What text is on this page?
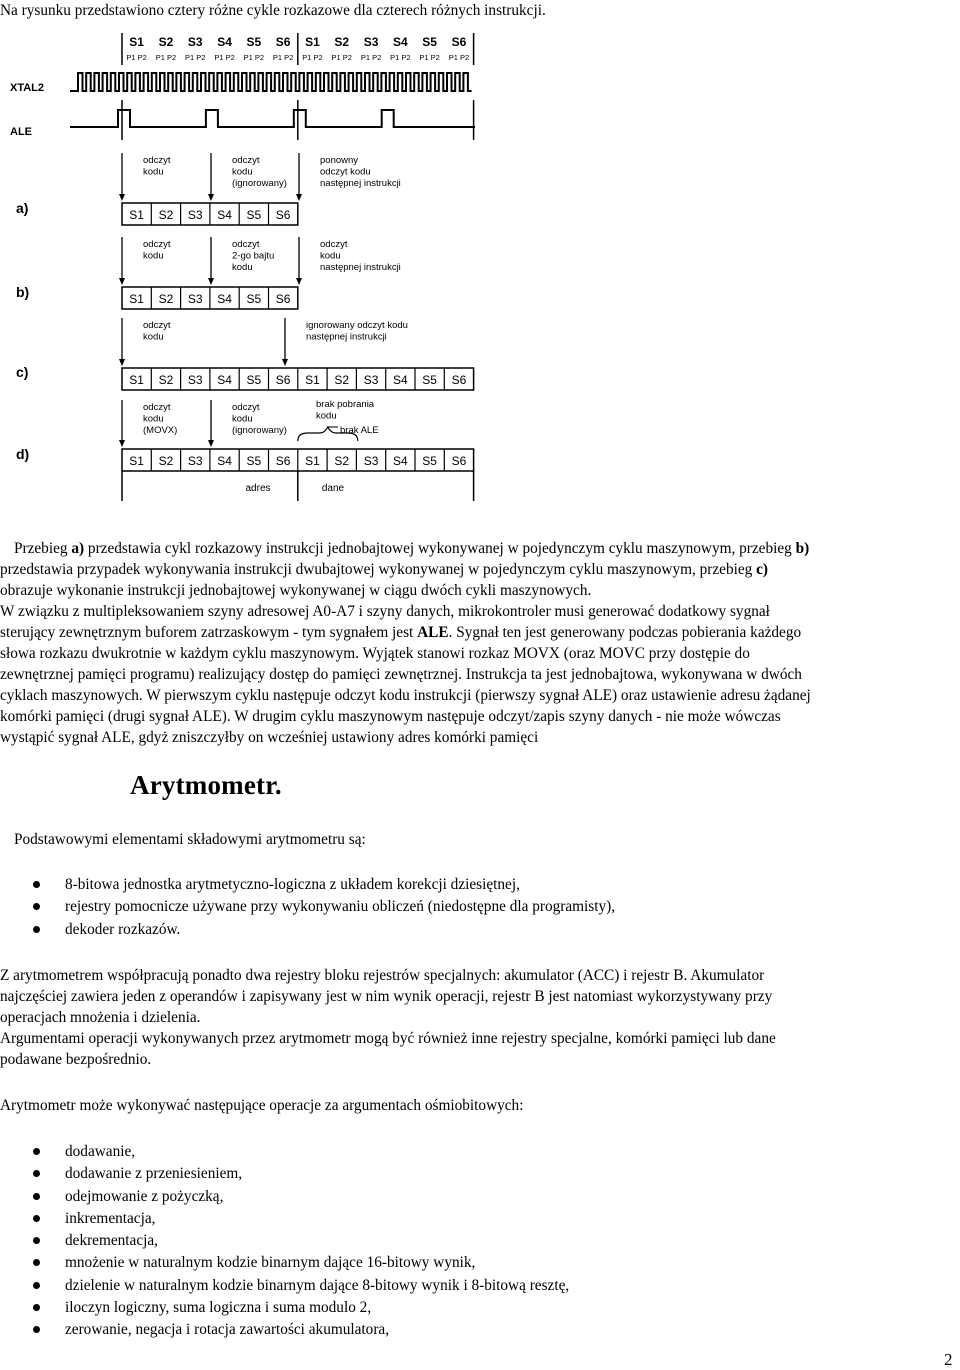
Na rysunku przedstawiono cztery różne cykle rozkazowe dla czterech różnych instrukcji.

S1
P1 P2
S2
P1 P2
S3
P1 P2
S4
P1 P2
S5
P1 P2
S6
P1 P2
S1
P1 P2
S2
P1 P2
S3
P1 P2
S4
P1 P2
S5
P1 P2
S6
P1 P2
XTAL2
ALE
a)	S1 S2 S3 S4 S5 S6
odczyt
kodu
odczyt
kodu
(ignorowany)
ponowny
odczyt kodu
następnej instrukcji
b)	S1 S2 S3 S4 S5 S6
odczyt
kodu
odczyt
2-go bajtu
kodu
odczyt
kodu
następnej instrukcji
c)	S1 S2 S3 S4 S5 S6 S1 S2 S3 S4 S5 S6
odczyt
kodu
ignorowany odczyt kodu
następnej instrukcji
d)	S1 S2 S3 S4 S5 S6 S1 S2 S3 S4 S5 S6
odczyt
kodu
(MOVX)
odczyt
kodu
(ignorowany)
brak pobrania
kodu
brak ALE
adres	dane

Przebieg a) przedstawia cykl rozkazowy instrukcji jednobajtowej wykonywanej w pojedynczym cyklu maszynowym, przebieg b)
przedstawia przypadek wykonywania instrukcji dwubajtowej wykonywanej w pojedynczym cyklu maszynowym, przebieg c)
obrazuje wykonanie instrukcji jednobajtowej wykonywanej w ciągu dwóch cykli maszynowych.

W związku z multipleksowaniem szyny adresowej A0-A7 i szyny danych, mikrokontroler musi generować dodatkowy sygnał
sterujący zewnętrznym buforem zatrzaskowym - tym sygnałem jest ALE. Sygnał ten jest generowany podczas pobierania każdego
słowa rozkazu dwukrotnie w każdym cyklu maszynowym. Wyjątek stanowi rozkaz MOVX (oraz MOVC przy dostępie do
zewnętrznej pamięci programu) realizujący dostęp do pamięci zewnętrznej. Instrukcja ta jest jednobajtowa, wykonywana w dwóch
cyklach maszynowych. W pierwszym cyklu następuje odczyt kodu instrukcji (pierwszy sygnał ALE) oraz ustawienie adresu żądanej
komórki pamięci (drugi sygnał ALE). W drugim cyklu maszynowym następuje odczyt/zapis szyny danych - nie może wówczas
wystąpić sygnał ALE, gdyż zniszczyłby on wcześniej ustawiony adres komórki pamięci

Arytmometr.

Podstawowymi elementami składowymi arytmometru są:

8-bitowa jednostka arytmetyczno-logiczna z układem korekcji dziesiętnej,
rejestry pomocnicze używane przy wykonywaniu obliczeń (niedostępne dla programisty),
dekoder rozkazów.

Z arytmometrem współpracują ponadto dwa rejestry bloku rejestrów specjalnych: akumulator (ACC) i rejestr B. Akumulator
najczęściej zawiera jeden z operandów i zapisywany jest w nim wynik operacji, rejestr B jest natomiast wykorzystywany przy
operacjach mnożenia i dzielenia.
Argumentami operacji wykonywanych przez arytmometr mogą być również inne rejestry specjalne, komórki pamięci lub dane
podawane bezpośrednio.

Arytmometr może wykonywać następujące operacje za argumentach ośmiobitowych:

dodawanie,
dodawanie z przeniesieniem,
odejmowanie z pożyczką,
inkrementacja,
dekrementacja,
mnożenie w naturalnym kodzie binarnym dające 16-bitowy wynik,
dzielenie w naturalnym kodzie binarnym dające 8-bitowy wynik i 8-bitową resztę,
iloczyn logiczny, suma logiczna i suma modulo 2,
zerowanie, negacja i rotacja zawartości akumulatora,
2
